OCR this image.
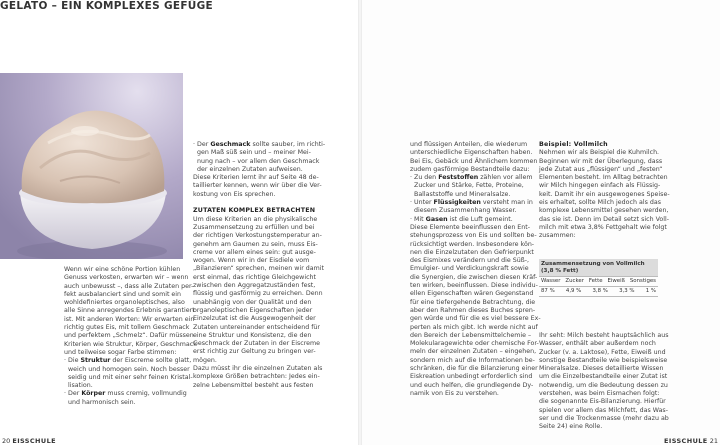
GELATO – EIN KOMPLEXES GEFÜGE
Wenn wir eine schöne Portion kühlen
Genuss verkosten, erwarten wir – wenn
auch unbewusst –, dass alle Zutaten per-
fekt ausbalanciert sind und somit ein
wohldefiniertes organoleptisches, also
alle Sinne anregendes Erlebnis garantiert
ist. Mit anderen Worten: Wir erwarten ein
richtig gutes Eis, mit tollem Geschmack
und perfektem „Schmelz“. Dafür müssen
Kriterien wie Struktur, Körper, Geschmack
und teilweise sogar Farbe stimmen:
· Die Struktur der Eiscreme sollte glatt,
weich und homogen sein. Noch besser
seidig und mit einer sehr feinen Kristal-
lisation.
· Der Körper muss cremig, vollmundig
und harmonisch sein.
· Der Geschmack sollte sauber, im richti-
gen Maß süß sein und – meiner Mei-
nung nach – vor allem den Geschmack
der einzelnen Zutaten aufweisen.
Diese Kriterien lernt ihr auf Seite 48 de-
taillierter kennen, wenn wir über die Ver-
kostung von Eis sprechen.
ZUTATEN KOMPLEX BETRACHTEN
Um diese Kriterien an die physikalische
Zusammensetzung zu erfüllen und bei
der richtigen Verkostungstemperatur an-
genehm am Gaumen zu sein, muss Eis-
creme vor allem eines sein: gut ausge-
wogen. Wenn wir in der Eisdiele vom
„Bilanzieren“ sprechen, meinen wir damit
erst einmal, das richtige Gleichgewicht
zwischen den Aggregatzuständen fest,
flüssig und gasförmig zu erreichen. Denn
unabhängig von der Qualität und den
organoleptischen Eigenschaften jeder
Einzelzutat ist die Ausgewogenheit der
Zutaten untereinander entscheidend für
eine Struktur und Konsistenz, die den
Geschmack der Zutaten in der Eiscreme
erst richtig zur Geltung zu bringen ver-
mögen.
Dazu müsst ihr die einzelnen Zutaten als
komplexe Größen betrachten: Jedes ein-
zelne Lebensmittel besteht aus festen
und flüssigen Anteilen, die wiederum
unterschiedliche Eigenschaften haben.
Bei Eis, Gebäck und Ähnlichem kommen
zudem gasförmige Bestandteile dazu:
· Zu den Feststoffen zählen vor allem
Zucker und Stärke, Fette, Proteine,
Ballaststoffe und Mineralsalze.
· Unter Flüssigkeiten versteht man in
diesem Zusammenhang Wasser.
· Mit Gasen ist die Luft gemeint.
Diese Elemente beeinflussen den Ent-
stehungsprozess von Eis und sollten be-
rücksichtigt werden. Insbesondere kön-
nen die Einzelzutaten den Gefrierpunkt
des Eismixes verändern und die Süß-,
Emulgier- und Verdickungskraft sowie
die Synergien, die zwischen diesen Kräf-
ten wirken, beeinflussen. Diese individu-
ellen Eigenschaften wären Gegenstand
für eine tiefergehende Betrachtung, die
aber den Rahmen dieses Buches spren-
gen würde und für die es viel bessere Ex-
perten als mich gibt. Ich werde nicht auf
den Bereich der Lebensmittelchemie –
Molekularagewichte oder chemische For-
meln der einzelnen Zutaten – eingehen,
sondern mich auf die Informationen be-
schränken, die für die Bilanzierung einer
Eiskreation unbedingt erforderlich sind
und euch helfen, die grundlegende Dy-
namik von Eis zu verstehen.
Beispiel: Vollmilch
Nehmen wir als Beispiel die Kuhmilch.
Beginnen wir mit der Überlegung, dass
jede Zutat aus „flüssigen“ und „festen“
Elementen besteht. Im Alltag betrachten
wir Milch hingegen einfach als Flüssig-
keit. Damit ihr ein ausgewogenes Speise-
eis erhaltet, sollte Milch jedoch als das
komplexe Lebensmittel gesehen werden,
das sie ist. Denn im Detail setzt sich Voll-
milch mit etwa 3,8% Fettgehalt wie folgt
zusammen:
Zusammensetzung von Vollmilch
(3,8 % Fett)
Wasser Zucker Fette Eiweiß Sonstiges
87 % 4,9 % 3,8 % 3,3 % 1 %
Ihr seht: Milch besteht hauptsächlich aus
Wasser, enthält aber außerdem noch
Zucker (v. a. Laktose), Fette, Eiweiß und
sonstige Bestandteile wie beispielsweise
Mineralsalze. Dieses detaillierte Wissen
um die Einzelbestandteile einer Zutat ist
notwendig, um die Bedeutung dessen zu
verstehen, was beim Eismachen folgt:
die sogenannte Eis-Bilanzierung. Hierfür
spielen vor allem das Milchfett, das Was-
ser und die Trockenmasse (mehr dazu ab
Seite 24) eine Rolle.
20 EISSCHULE	EISSCHULE 21
